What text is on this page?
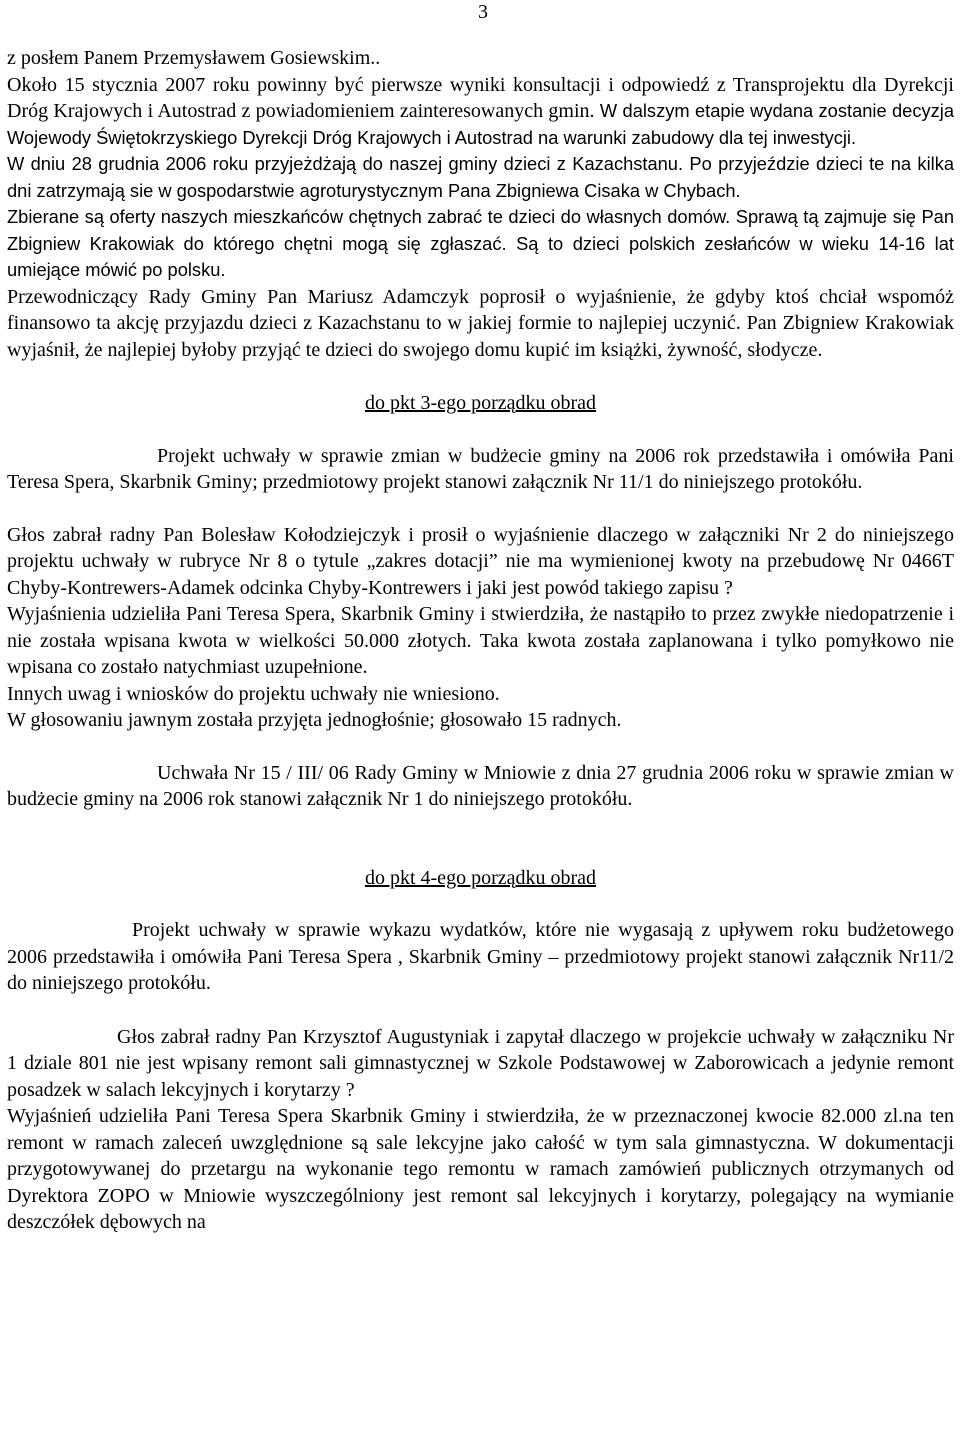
3

z posłem Panem Przemysławem Gosiewskim..

Około 15 stycznia 2007 roku powinny być pierwsze wyniki konsultacji i odpowiedź z Transprojektu dla Dyrekcji Dróg Krajowych i Autostrad z powiadomieniem zainteresowanych gmin. W dalszym etapie wydana zostanie decyzja Wojewody Świętokrzyskiego Dyrekcji Dróg Krajowych i Autostrad na warunki zabudowy dla tej inwestycji.

W dniu 28 grudnia 2006 roku przyjeżdżają do naszej gminy dzieci z Kazachstanu. Po przyjeździe dzieci te na kilka dni zatrzymają sie w gospodarstwie agroturystycznym Pana Zbigniewa Cisaka w Chybach.

Zbierane są oferty naszych mieszkańców chętnych zabrać te dzieci do własnych domów. Sprawą tą zajmuje się Pan Zbigniew Krakowiak do którego chętni mogą się zgłaszać. Są to dzieci polskich zesłańców w wieku 14-16 lat umiejące mówić po polsku.

Przewodniczący Rady Gminy Pan Mariusz Adamczyk poprosił o wyjaśnienie, że gdyby ktoś chciał wspomóż finansowo ta akcję przyjazdu dzieci z Kazachstanu to w jakiej formie to najlepiej uczynić. Pan Zbigniew Krakowiak wyjaśnił, że najlepiej byłoby przyjąć te dzieci do swojego domu kupić im książki, żywność, słodycze.

do pkt 3-ego porządku obrad

Projekt uchwały w sprawie zmian w budżecie gminy na 2006 rok przedstawiła i omówiła Pani Teresa Spera, Skarbnik Gminy; przedmiotowy projekt stanowi załącznik Nr 11/1 do niniejszego protokółu.

Głos zabrał radny Pan Bolesław Kołodziejczyk i prosił o wyjaśnienie dlaczego w załączniki Nr 2 do niniejszego projektu uchwały w rubryce Nr 8 o tytule „zakres dotacji” nie ma wymienionej kwoty na przebudowę Nr 0466T Chyby-Kontrewers-Adamek odcinka Chyby-Kontrewers i jaki jest powód takiego zapisu ?

Wyjaśnienia udzieliła Pani Teresa Spera, Skarbnik Gminy i stwierdziła, że nastąpiło to przez zwykłe niedopatrzenie i nie została wpisana kwota w wielkości 50.000 złotych. Taka kwota została zaplanowana i tylko pomyłkowo nie wpisana co zostało natychmiast uzupełnione.

Innych uwag i wniosków do projektu uchwały nie wniesiono.

W głosowaniu jawnym została przyjęta jednogłośnie; głosowało 15 radnych.

Uchwała Nr 15 / III/ 06 Rady Gminy w Mniowie z dnia 27 grudnia 2006 roku w sprawie zmian w budżecie gminy na 2006 rok stanowi załącznik Nr 1 do niniejszego protokółu.

do pkt 4-ego porządku obrad

Projekt uchwały w sprawie wykazu wydatków, które nie wygasają z upływem roku budżetowego 2006 przedstawiła i omówiła Pani Teresa Spera , Skarbnik Gminy – przedmiotowy projekt stanowi załącznik Nr11/2 do niniejszego protokółu.

Głos zabrał radny Pan Krzysztof Augustyniak i zapytał dlaczego w projekcie uchwały w załączniku Nr 1 dziale 801 nie jest wpisany remont sali gimnastycznej w Szkole Podstawowej w Zaborowicach a jedynie remont posadzek w salach lekcyjnych i korytarzy ?

Wyjaśnień udzieliła Pani Teresa Spera Skarbnik Gminy i stwierdziła, że w przeznaczonej kwocie 82.000 zl.na ten remont w ramach zaleceń uwzględnione są sale lekcyjne jako całość w tym sala gimnastyczna. W dokumentacji przygotowywanej do przetargu na wykonanie tego remontu w ramach zamówień publicznych otrzymanych od Dyrektora ZOPO w Mniowie wyszczególniony jest remont sal lekcyjnych i korytarzy, polegający na wymianie deszczółek dębowych na
